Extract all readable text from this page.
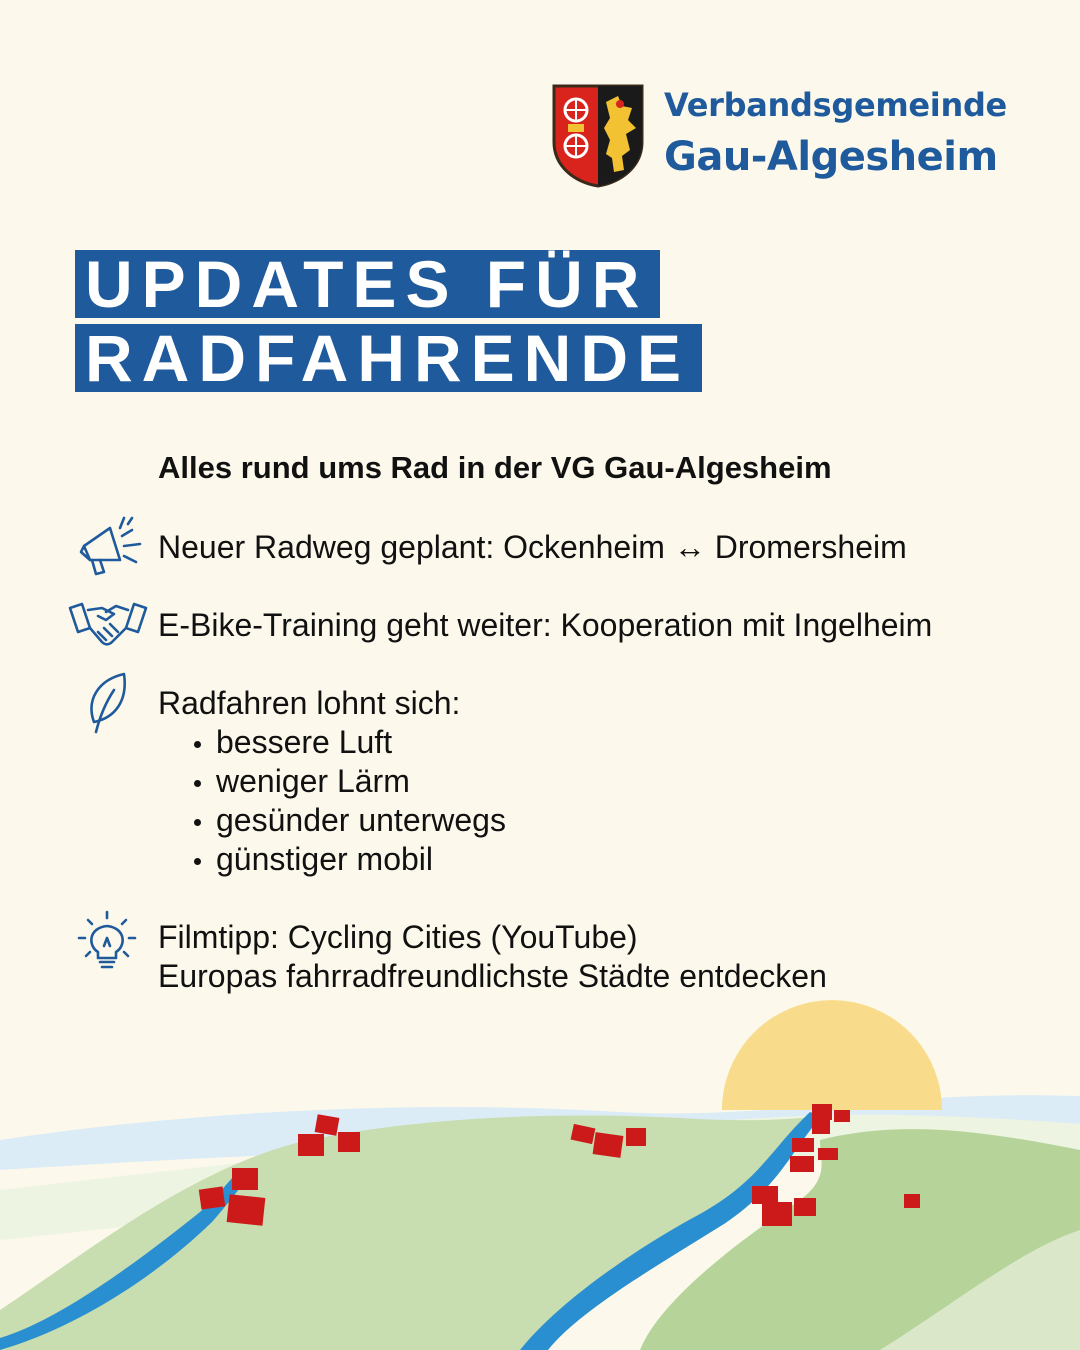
Verbandsgemeinde
Gau-Algesheim
UPDATES FÜR
RADFAHRENDE
Alles rund ums Rad in der VG Gau-Algesheim
Neuer Radweg geplant: Ockenheim ↔ Dromersheim
E-Bike-Training geht weiter: Kooperation mit Ingelheim
Radfahren lohnt sich:
bessere Luft
weniger Lärm
gesünder unterwegs
günstiger mobil
Filmtipp: Cycling Cities (YouTube)
Europas fahrradfreundlichste Städte entdecken
